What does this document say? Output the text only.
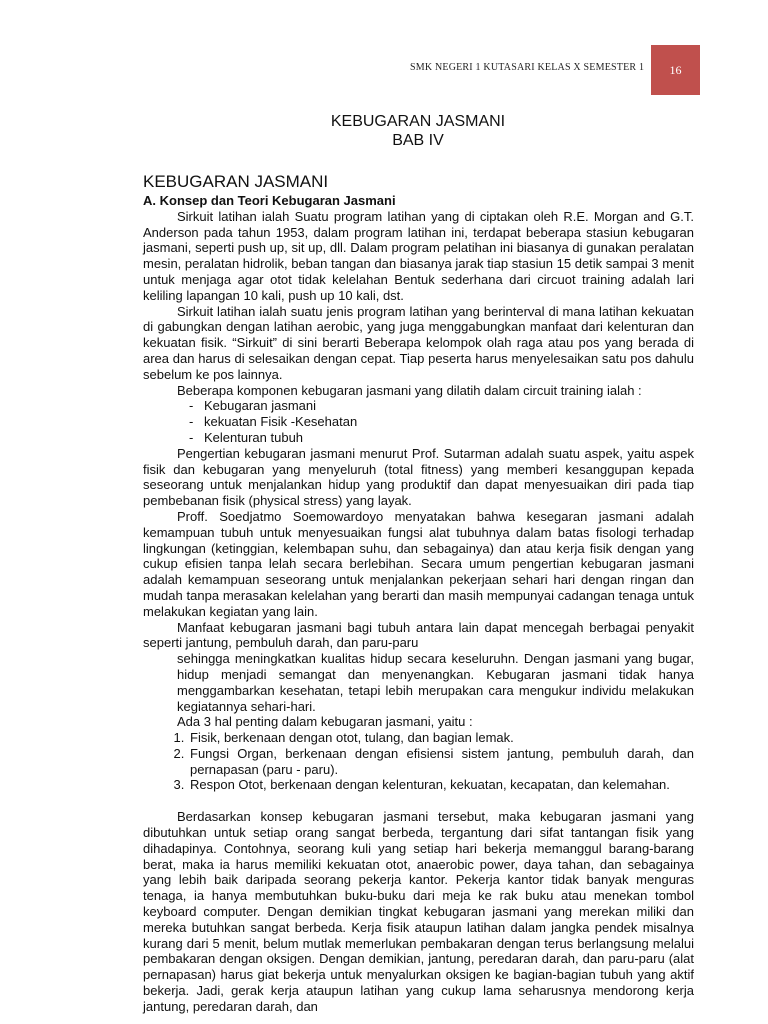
SMK NEGERI 1 KUTASARI KELAS X SEMESTER 1	16
KEBUGARAN JASMANI
BAB IV
KEBUGARAN JASMANI
A. Konsep dan Teori Kebugaran Jasmani

Sirkuit latihan ialah Suatu program latihan yang di ciptakan oleh R.E. Morgan and G.T. Anderson pada tahun 1953, dalam program latihan ini, terdapat beberapa stasiun kebugaran jasmani, seperti push up, sit up, dll. Dalam program pelatihan ini biasanya di gunakan peralatan mesin, peralatan hidrolik, beban tangan dan biasanya jarak tiap stasiun 15 detik sampai 3 menit untuk menjaga agar otot tidak kelelahan Bentuk sederhana dari circuot training adalah lari keliling lapangan 10 kali, push up 10 kali, dst.

Sirkuit latihan ialah suatu jenis program latihan yang berinterval di mana latihan kekuatan di gabungkan dengan latihan aerobic, yang juga menggabungkan manfaat dari kelenturan dan kekuatan fisik. “Sirkuit” di sini berarti Beberapa kelompok olah raga atau pos yang berada di area dan harus di selesaikan dengan cepat. Tiap peserta harus menyelesaikan satu pos dahulu sebelum ke pos lainnya.

Beberapa komponen kebugaran jasmani yang dilatih dalam circuit training ialah :

- Kebugaran jasmani
- kekuatan Fisik -Kesehatan
- Kelenturan tubuh

Pengertian kebugaran jasmani menurut Prof. Sutarman adalah suatu aspek, yaitu aspek fisik dan kebugaran yang menyeluruh (total fitness) yang memberi kesanggupan kepada seseorang untuk menjalankan hidup yang produktif dan dapat menyesuaikan diri pada tiap pembebanan fisik (physical stress) yang layak.

Proff. Soedjatmo Soemowardoyo menyatakan bahwa kesegaran jasmani adalah kemampuan tubuh untuk menyesuaikan fungsi alat tubuhnya dalam batas fisologi terhadap lingkungan (ketinggian, kelembapan suhu, dan sebagainya) dan atau kerja fisik dengan yang cukup efisien tanpa lelah secara berlebihan. Secara umum pengertian kebugaran jasmani adalah kemampuan seseorang untuk menjalankan pekerjaan sehari hari dengan ringan dan mudah tanpa merasakan kelelahan yang berarti dan masih mempunyai cadangan tenaga untuk melakukan kegiatan yang lain.

Manfaat kebugaran jasmani bagi tubuh antara lain dapat mencegah berbagai penyakit seperti jantung, pembuluh darah, dan paru-paru

sehingga meningkatkan kualitas hidup secara keseluruhn. Dengan jasmani yang bugar, hidup menjadi semangat dan menyenangkan. Kebugaran jasmani tidak hanya menggambarkan kesehatan, tetapi lebih merupakan cara mengukur individu melakukan kegiatannya sehari-hari.

Ada 3 hal penting dalam kebugaran jasmani, yaitu :

1. Fisik, berkenaan dengan otot, tulang, dan bagian lemak.
2. Fungsi Organ, berkenaan dengan efisiensi sistem jantung, pembuluh darah, dan pernapasan (paru - paru).
3. Respon Otot, berkenaan dengan kelenturan, kekuatan, kecapatan, dan kelemahan.

Berdasarkan konsep kebugaran jasmani tersebut, maka kebugaran jasmani yang dibutuhkan untuk setiap orang sangat berbeda, tergantung dari sifat tantangan fisik yang dihadapinya. Contohnya, seorang kuli yang setiap hari bekerja memanggul barang-barang berat, maka ia harus memiliki kekuatan otot, anaerobic power, daya tahan, dan sebagainya yang lebih baik daripada seorang pekerja kantor. Pekerja kantor tidak banyak menguras tenaga, ia hanya membutuhkan buku-buku dari meja ke rak buku atau menekan tombol keyboard computer. Dengan demikian tingkat kebugaran jasmani yang merekan miliki dan mereka butuhkan sangat berbeda. Kerja fisik ataupun latihan dalam jangka pendek misalnya kurang dari 5 menit, belum mutlak memerlukan pembakaran dengan terus berlangsung melalui pembakaran dengan oksigen. Dengan demikian, jantung, peredaran darah, dan paru-paru (alat pernapasan) harus giat bekerja untuk menyalurkan oksigen ke bagian-bagian tubuh yang aktif bekerja. Jadi, gerak kerja ataupun latihan yang cukup lama seharusnya mendorong kerja jantung, peredaran darah, dan
